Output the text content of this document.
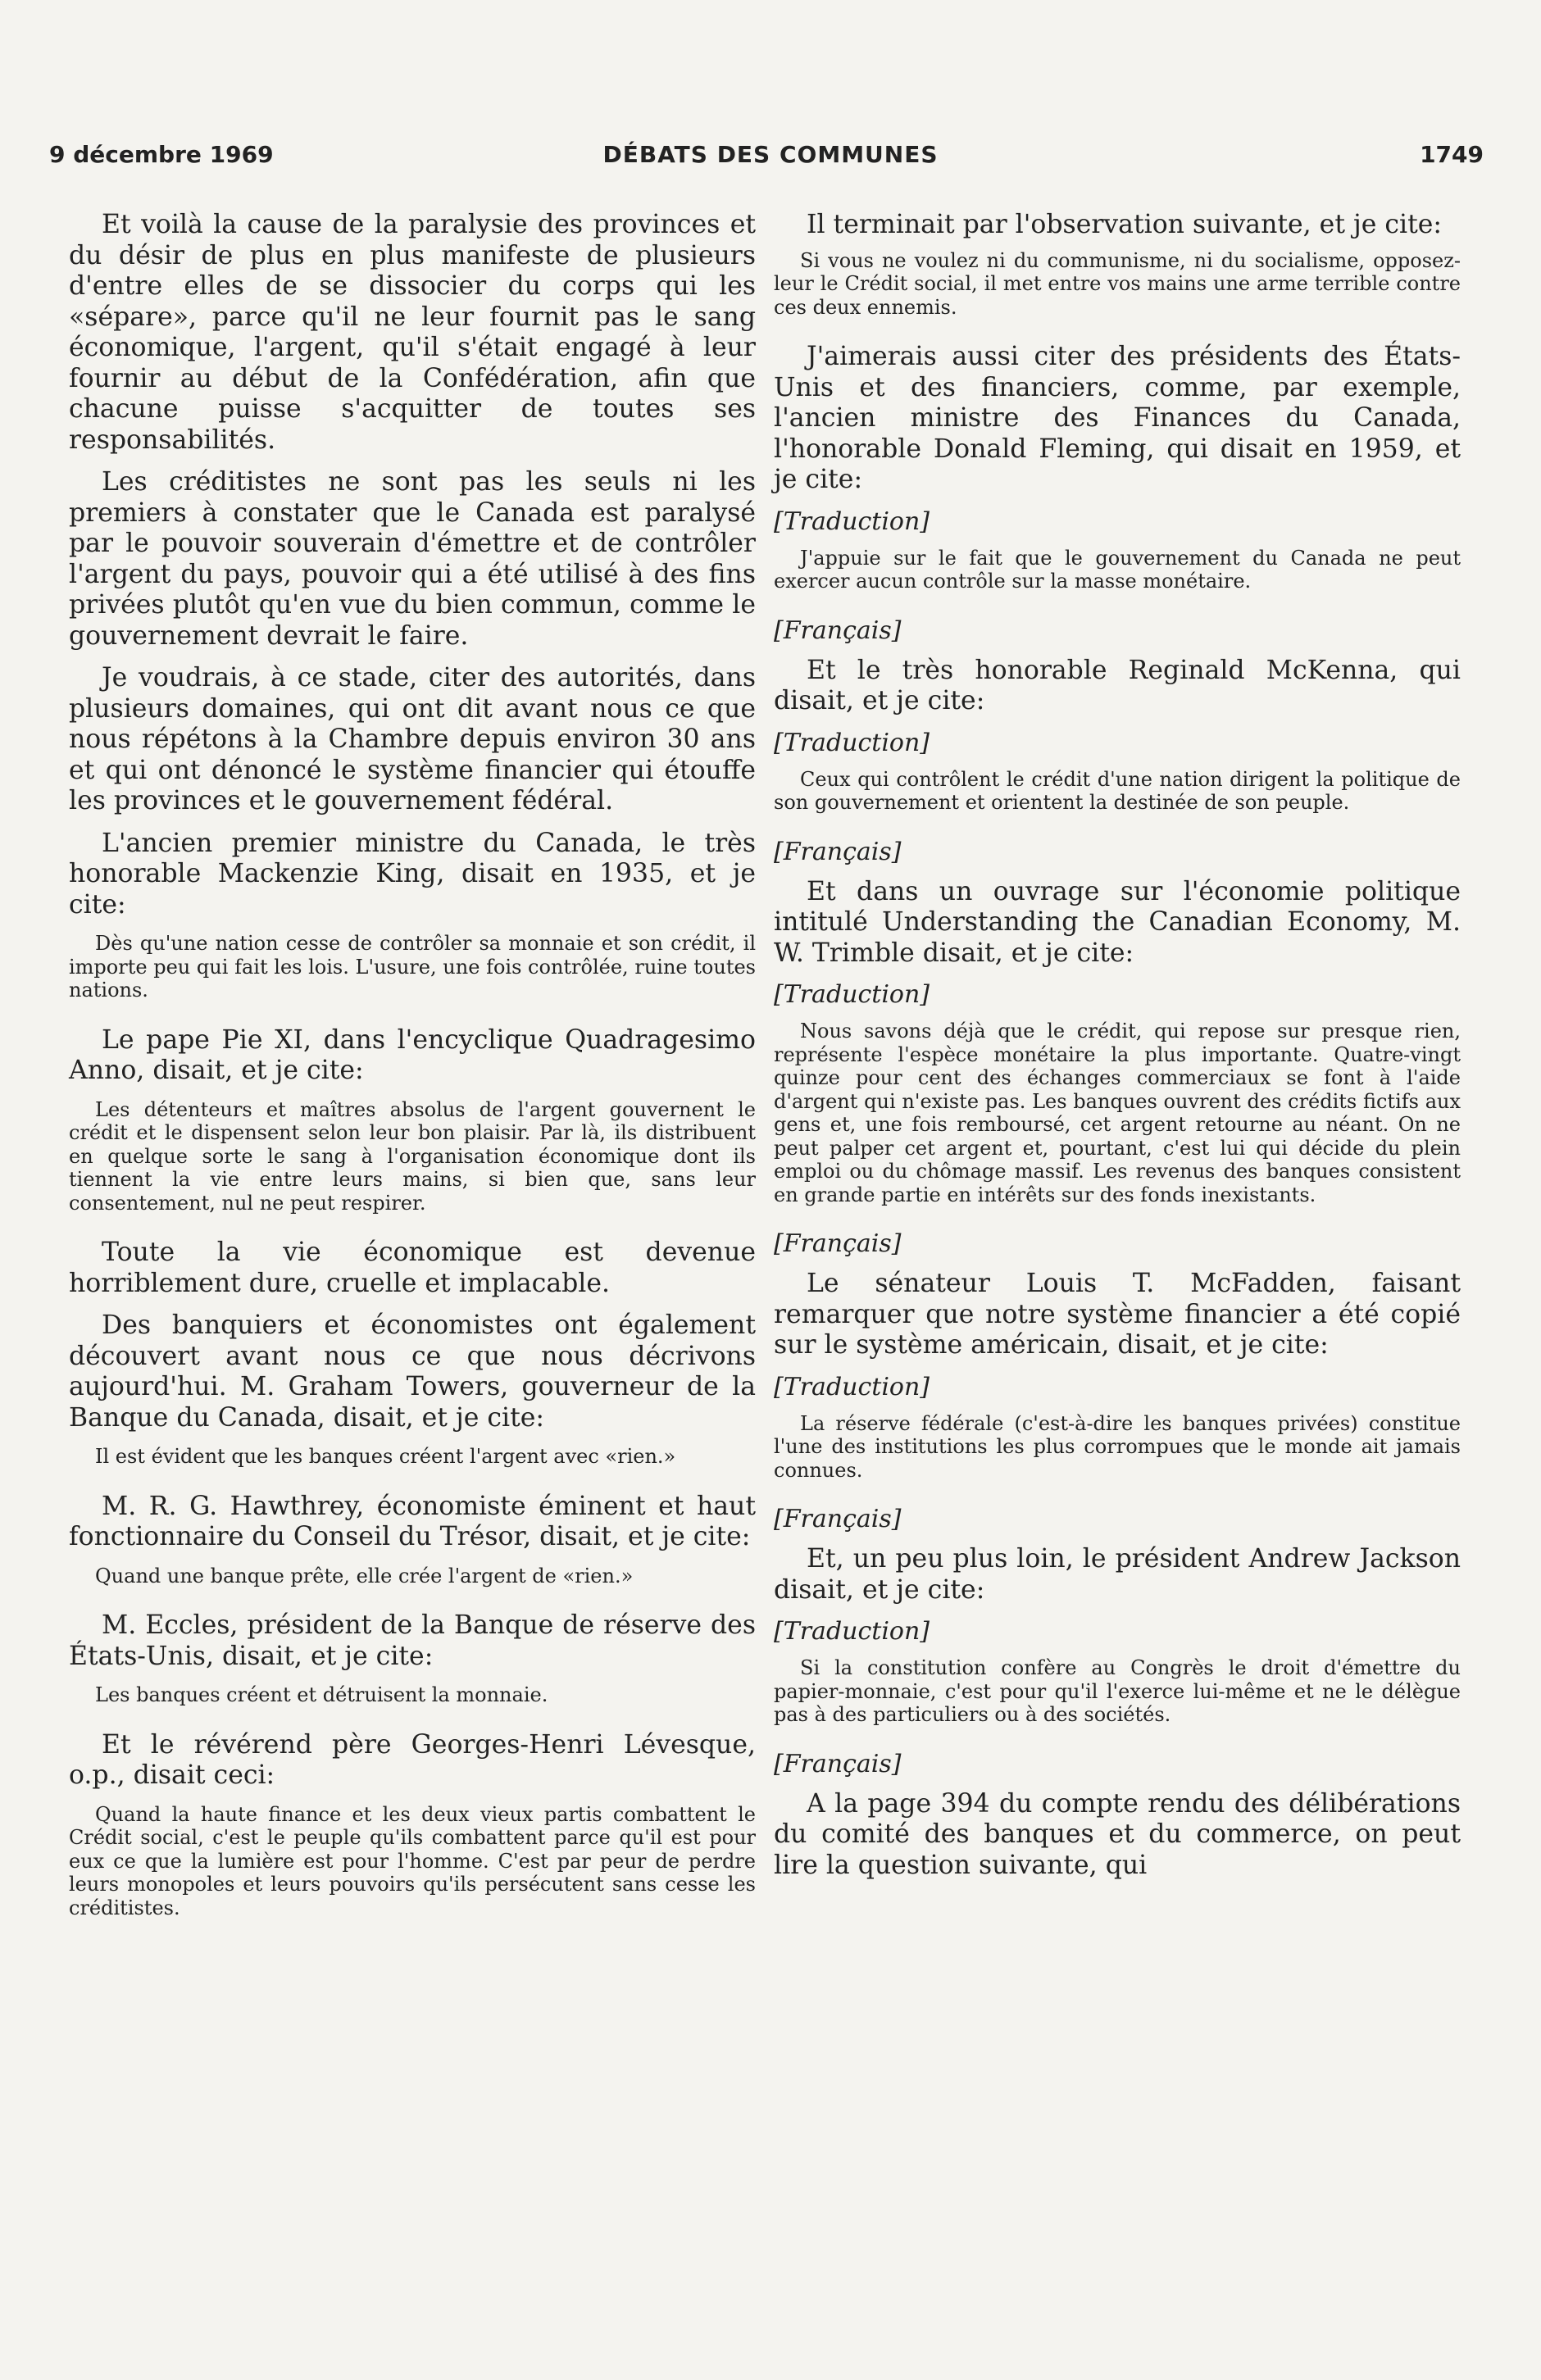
9 décembre 1969	DÉBATS DES COMMUNES	1749

Et voilà la cause de la paralysie des provinces et du désir de plus en plus manifeste de plusieurs d'entre elles de se dissocier du corps qui les «sépare», parce qu'il ne leur fournit pas le sang économique, l'argent, qu'il s'était engagé à leur fournir au début de la Confédération, afin que chacune puisse s'acquitter de toutes ses responsabilités.

Les créditistes ne sont pas les seuls ni les premiers à constater que le Canada est paralysé par le pouvoir souverain d'émettre et de contrôler l'argent du pays, pouvoir qui a été utilisé à des fins privées plutôt qu'en vue du bien commun, comme le gouvernement devrait le faire.

Je voudrais, à ce stade, citer des autorités, dans plusieurs domaines, qui ont dit avant nous ce que nous répétons à la Chambre depuis environ 30 ans et qui ont dénoncé le système financier qui étouffe les provinces et le gouvernement fédéral.

L'ancien premier ministre du Canada, le très honorable Mackenzie King, disait en 1935, et je cite:

Dès qu'une nation cesse de contrôler sa monnaie et son crédit, il importe peu qui fait les lois. L'usure, une fois contrôlée, ruine toutes nations.

Le pape Pie XI, dans l'encyclique Quadragesimo Anno, disait, et je cite:

Les détenteurs et maîtres absolus de l'argent gouvernent le crédit et le dispensent selon leur bon plaisir. Par là, ils distribuent en quelque sorte le sang à l'organisation économique dont ils tiennent la vie entre leurs mains, si bien que, sans leur consentement, nul ne peut respirer.

Toute la vie économique est devenue horriblement dure, cruelle et implacable.

Des banquiers et économistes ont également découvert avant nous ce que nous décrivons aujourd'hui. M. Graham Towers, gouverneur de la Banque du Canada, disait, et je cite:

Il est évident que les banques créent l'argent avec «rien.»

M. R. G. Hawthrey, économiste éminent et haut fonctionnaire du Conseil du Trésor, disait, et je cite:

Quand une banque prête, elle crée l'argent de «rien.»

M. Eccles, président de la Banque de réserve des États-Unis, disait, et je cite:

Les banques créent et détruisent la monnaie.

Et le révérend père Georges-Henri Lévesque, o.p., disait ceci:

Quand la haute finance et les deux vieux partis combattent le Crédit social, c'est le peuple qu'ils combattent parce qu'il est pour eux ce que la lumière est pour l'homme. C'est par peur de perdre leurs monopoles et leurs pouvoirs qu'ils persécutent sans cesse les créditistes.

Il terminait par l'observation suivante, et je cite:

Si vous ne voulez ni du communisme, ni du socialisme, opposez-leur le Crédit social, il met entre vos mains une arme terrible contre ces deux ennemis.

J'aimerais aussi citer des présidents des États-Unis et des financiers, comme, par exemple, l'ancien ministre des Finances du Canada, l'honorable Donald Fleming, qui disait en 1959, et je cite:

[Traduction]

J'appuie sur le fait que le gouvernement du Canada ne peut exercer aucun contrôle sur la masse monétaire.

[Français]

Et le très honorable Reginald McKenna, qui disait, et je cite:

[Traduction]

Ceux qui contrôlent le crédit d'une nation dirigent la politique de son gouvernement et orientent la destinée de son peuple.

[Français]

Et dans un ouvrage sur l'économie politique intitulé Understanding the Canadian Economy, M. W. Trimble disait, et je cite:

[Traduction]

Nous savons déjà que le crédit, qui repose sur presque rien, représente l'espèce monétaire la plus importante. Quatre-vingt quinze pour cent des échanges commerciaux se font à l'aide d'argent qui n'existe pas. Les banques ouvrent des crédits fictifs aux gens et, une fois remboursé, cet argent retourne au néant. On ne peut palper cet argent et, pourtant, c'est lui qui décide du plein emploi ou du chômage massif. Les revenus des banques consistent en grande partie en intérêts sur des fonds inexistants.

[Français]

Le sénateur Louis T. McFadden, faisant remarquer que notre système financier a été copié sur le système américain, disait, et je cite:

[Traduction]

La réserve fédérale (c'est-à-dire les banques privées) constitue l'une des institutions les plus corrompues que le monde ait jamais connues.

[Français]

Et, un peu plus loin, le président Andrew Jackson disait, et je cite:

[Traduction]

Si la constitution confère au Congrès le droit d'émettre du papier-monnaie, c'est pour qu'il l'exerce lui-même et ne le délègue pas à des particuliers ou à des sociétés.

[Français]

A la page 394 du compte rendu des délibérations du comité des banques et du commerce, on peut lire la question suivante, qui
